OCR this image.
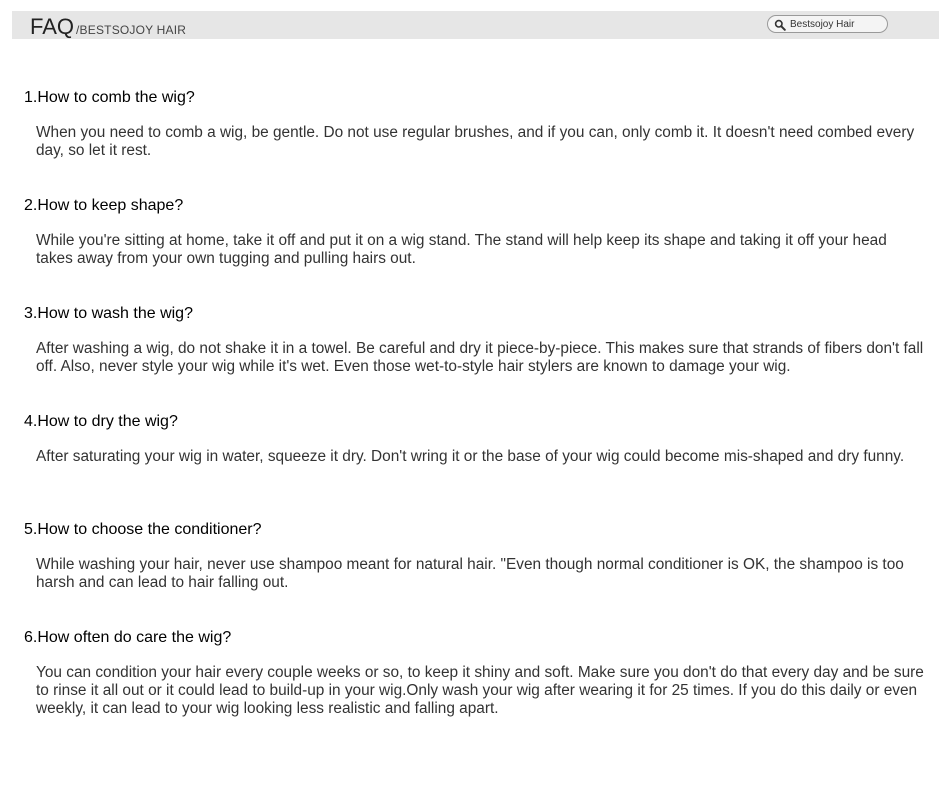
FAQ /BESTSOJOY HAIR	Bestsojoy Hair
1.How to comb the wig?

When you need to comb a wig, be gentle. Do not use regular brushes, and if you can, only comb it. It doesn't need combed every day, so let it rest.

2.How to keep shape?

While you're sitting at home, take it off and put it on a wig stand. The stand will help keep its shape and taking it off your head takes away from your own tugging and pulling hairs out.

3.How to wash the wig?

After washing a wig, do not shake it in a towel. Be careful and dry it piece-by-piece. This makes sure that strands of fibers don't fall off. Also, never style your wig while it's wet. Even those wet-to-style hair stylers are known to damage your wig.

4.How to dry the wig?

After saturating your wig in water, squeeze it dry. Don't wring it or the base of your wig could become mis-shaped and dry funny.

5.How to choose the conditioner?

While washing your hair, never use shampoo meant for natural hair. "Even though normal conditioner is OK, the shampoo is too harsh and can lead to hair falling out.

6.How often do care the wig?

You can condition your hair every couple weeks or so, to keep it shiny and soft. Make sure you don't do that every day and be sure to rinse it all out or it could lead to build-up in your wig.Only wash your wig after wearing it for 25 times. If you do this daily or even weekly, it can lead to your wig looking less realistic and falling apart.
